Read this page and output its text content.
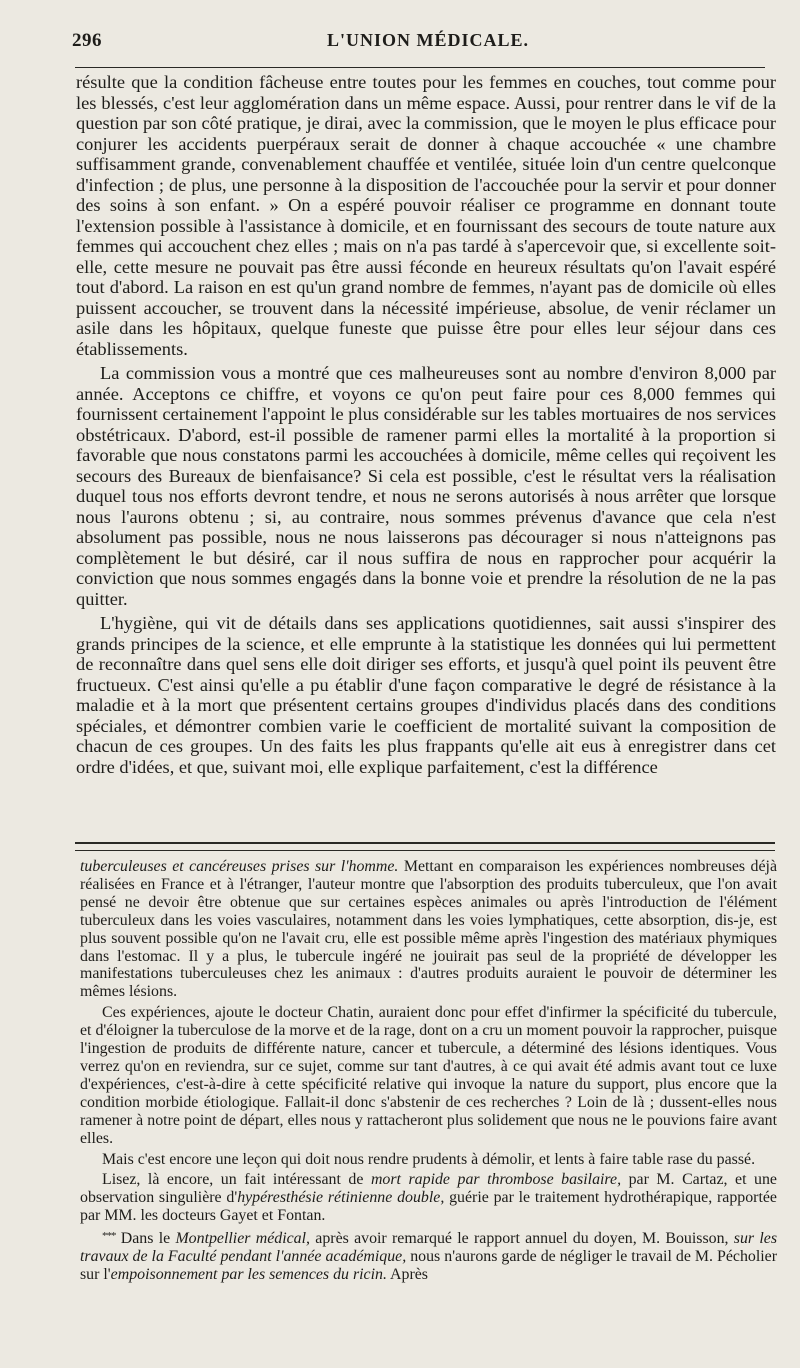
296	L'UNION MÉDICALE.

résulte que la condition fâcheuse entre toutes pour les femmes en couches, tout comme pour les blessés, c'est leur agglomération dans un même espace. Aussi, pour rentrer dans le vif de la question par son côté pratique, je dirai, avec la commission, que le moyen le plus efficace pour conjurer les accidents puerpéraux serait de donner à chaque accouchée « une chambre suffisamment grande, convenablement chauffée et ventilée, située loin d'un centre quelconque d'infection ; de plus, une personne à la disposition de l'accouchée pour la servir et pour donner des soins à son enfant. » On a espéré pouvoir réaliser ce programme en donnant toute l'extension possible à l'assistance à domicile, et en fournissant des secours de toute nature aux femmes qui accouchent chez elles ; mais on n'a pas tardé à s'apercevoir que, si excellente soit-elle, cette mesure ne pouvait pas être aussi féconde en heureux résultats qu'on l'avait espéré tout d'abord. La raison en est qu'un grand nombre de femmes, n'ayant pas de domicile où elles puissent accoucher, se trouvent dans la nécessité impérieuse, absolue, de venir réclamer un asile dans les hôpitaux, quelque funeste que puisse être pour elles leur séjour dans ces établissements.

La commission vous a montré que ces malheureuses sont au nombre d'environ 8,000 par année. Acceptons ce chiffre, et voyons ce qu'on peut faire pour ces 8,000 femmes qui fournissent certainement l'appoint le plus considérable sur les tables mortuaires de nos services obstétricaux. D'abord, est-il possible de ramener parmi elles la mortalité à la proportion si favorable que nous constatons parmi les accouchées à domicile, même celles qui reçoivent les secours des Bureaux de bienfaisance? Si cela est possible, c'est le résultat vers la réalisation duquel tous nos efforts devront tendre, et nous ne serons autorisés à nous arrêter que lorsque nous l'aurons obtenu ; si, au contraire, nous sommes prévenus d'avance que cela n'est absolument pas possible, nous ne nous laisserons pas décourager si nous n'atteignons pas complètement le but désiré, car il nous suffira de nous en rapprocher pour acquérir la conviction que nous sommes engagés dans la bonne voie et prendre la résolution de ne la pas quitter.

L'hygiène, qui vit de détails dans ses applications quotidiennes, sait aussi s'inspirer des grands principes de la science, et elle emprunte à la statistique les données qui lui permettent de reconnaître dans quel sens elle doit diriger ses efforts, et jusqu'à quel point ils peuvent être fructueux. C'est ainsi qu'elle a pu établir d'une façon comparative le degré de résistance à la maladie et à la mort que présentent certains groupes d'individus placés dans des conditions spéciales, et démontrer combien varie le coefficient de mortalité suivant la composition de chacun de ces groupes. Un des faits les plus frappants qu'elle ait eus à enregistrer dans cet ordre d'idées, et que, suivant moi, elle explique parfaitement, c'est la différence

tuberculeuses et cancéreuses prises sur l'homme. Mettant en comparaison les expériences nombreuses déjà réalisées en France et à l'étranger, l'auteur montre que l'absorption des produits tuberculeux, que l'on avait pensé ne devoir être obtenue que sur certaines espèces animales ou après l'introduction de l'élément tuberculeux dans les voies vasculaires, notamment dans les voies lymphatiques, cette absorption, dis-je, est plus souvent possible qu'on ne l'avait cru, elle est possible même après l'ingestion des matériaux phymiques dans l'estomac. Il y a plus, le tubercule ingéré ne jouirait pas seul de la propriété de développer les manifestations tuberculeuses chez les animaux : d'autres produits auraient le pouvoir de déterminer les mêmes lésions.

Ces expériences, ajoute le docteur Chatin, auraient donc pour effet d'infirmer la spécificité du tubercule, et d'éloigner la tuberculose de la morve et de la rage, dont on a cru un moment pouvoir la rapprocher, puisque l'ingestion de produits de différente nature, cancer et tubercule, a déterminé des lésions identiques. Vous verrez qu'on en reviendra, sur ce sujet, comme sur tant d'autres, à ce qui avait été admis avant tout ce luxe d'expériences, c'est-à-dire à cette spécificité relative qui invoque la nature du support, plus encore que la condition morbide étiologique. Fallait-il donc s'abstenir de ces recherches ? Loin de là ; dussent-elles nous ramener à notre point de départ, elles nous y rattacheront plus solidement que nous ne le pouvions faire avant elles.

Mais c'est encore une leçon qui doit nous rendre prudents à démolir, et lents à faire table rase du passé.

Lisez, là encore, un fait intéressant de mort rapide par thrombose basilaire, par M. Cartaz, et une observation singulière d'hypéresthésie rétinienne double, guérie par le traitement hydrothérapique, rapportée par MM. les docteurs Gayet et Fontan.

*** Dans le Montpellier médical, après avoir remarqué le rapport annuel du doyen, M. Bouisson, sur les travaux de la Faculté pendant l'année académique, nous n'aurons garde de négliger le travail de M. Pécholier sur l'empoisonnement par les semences du ricin. Après
